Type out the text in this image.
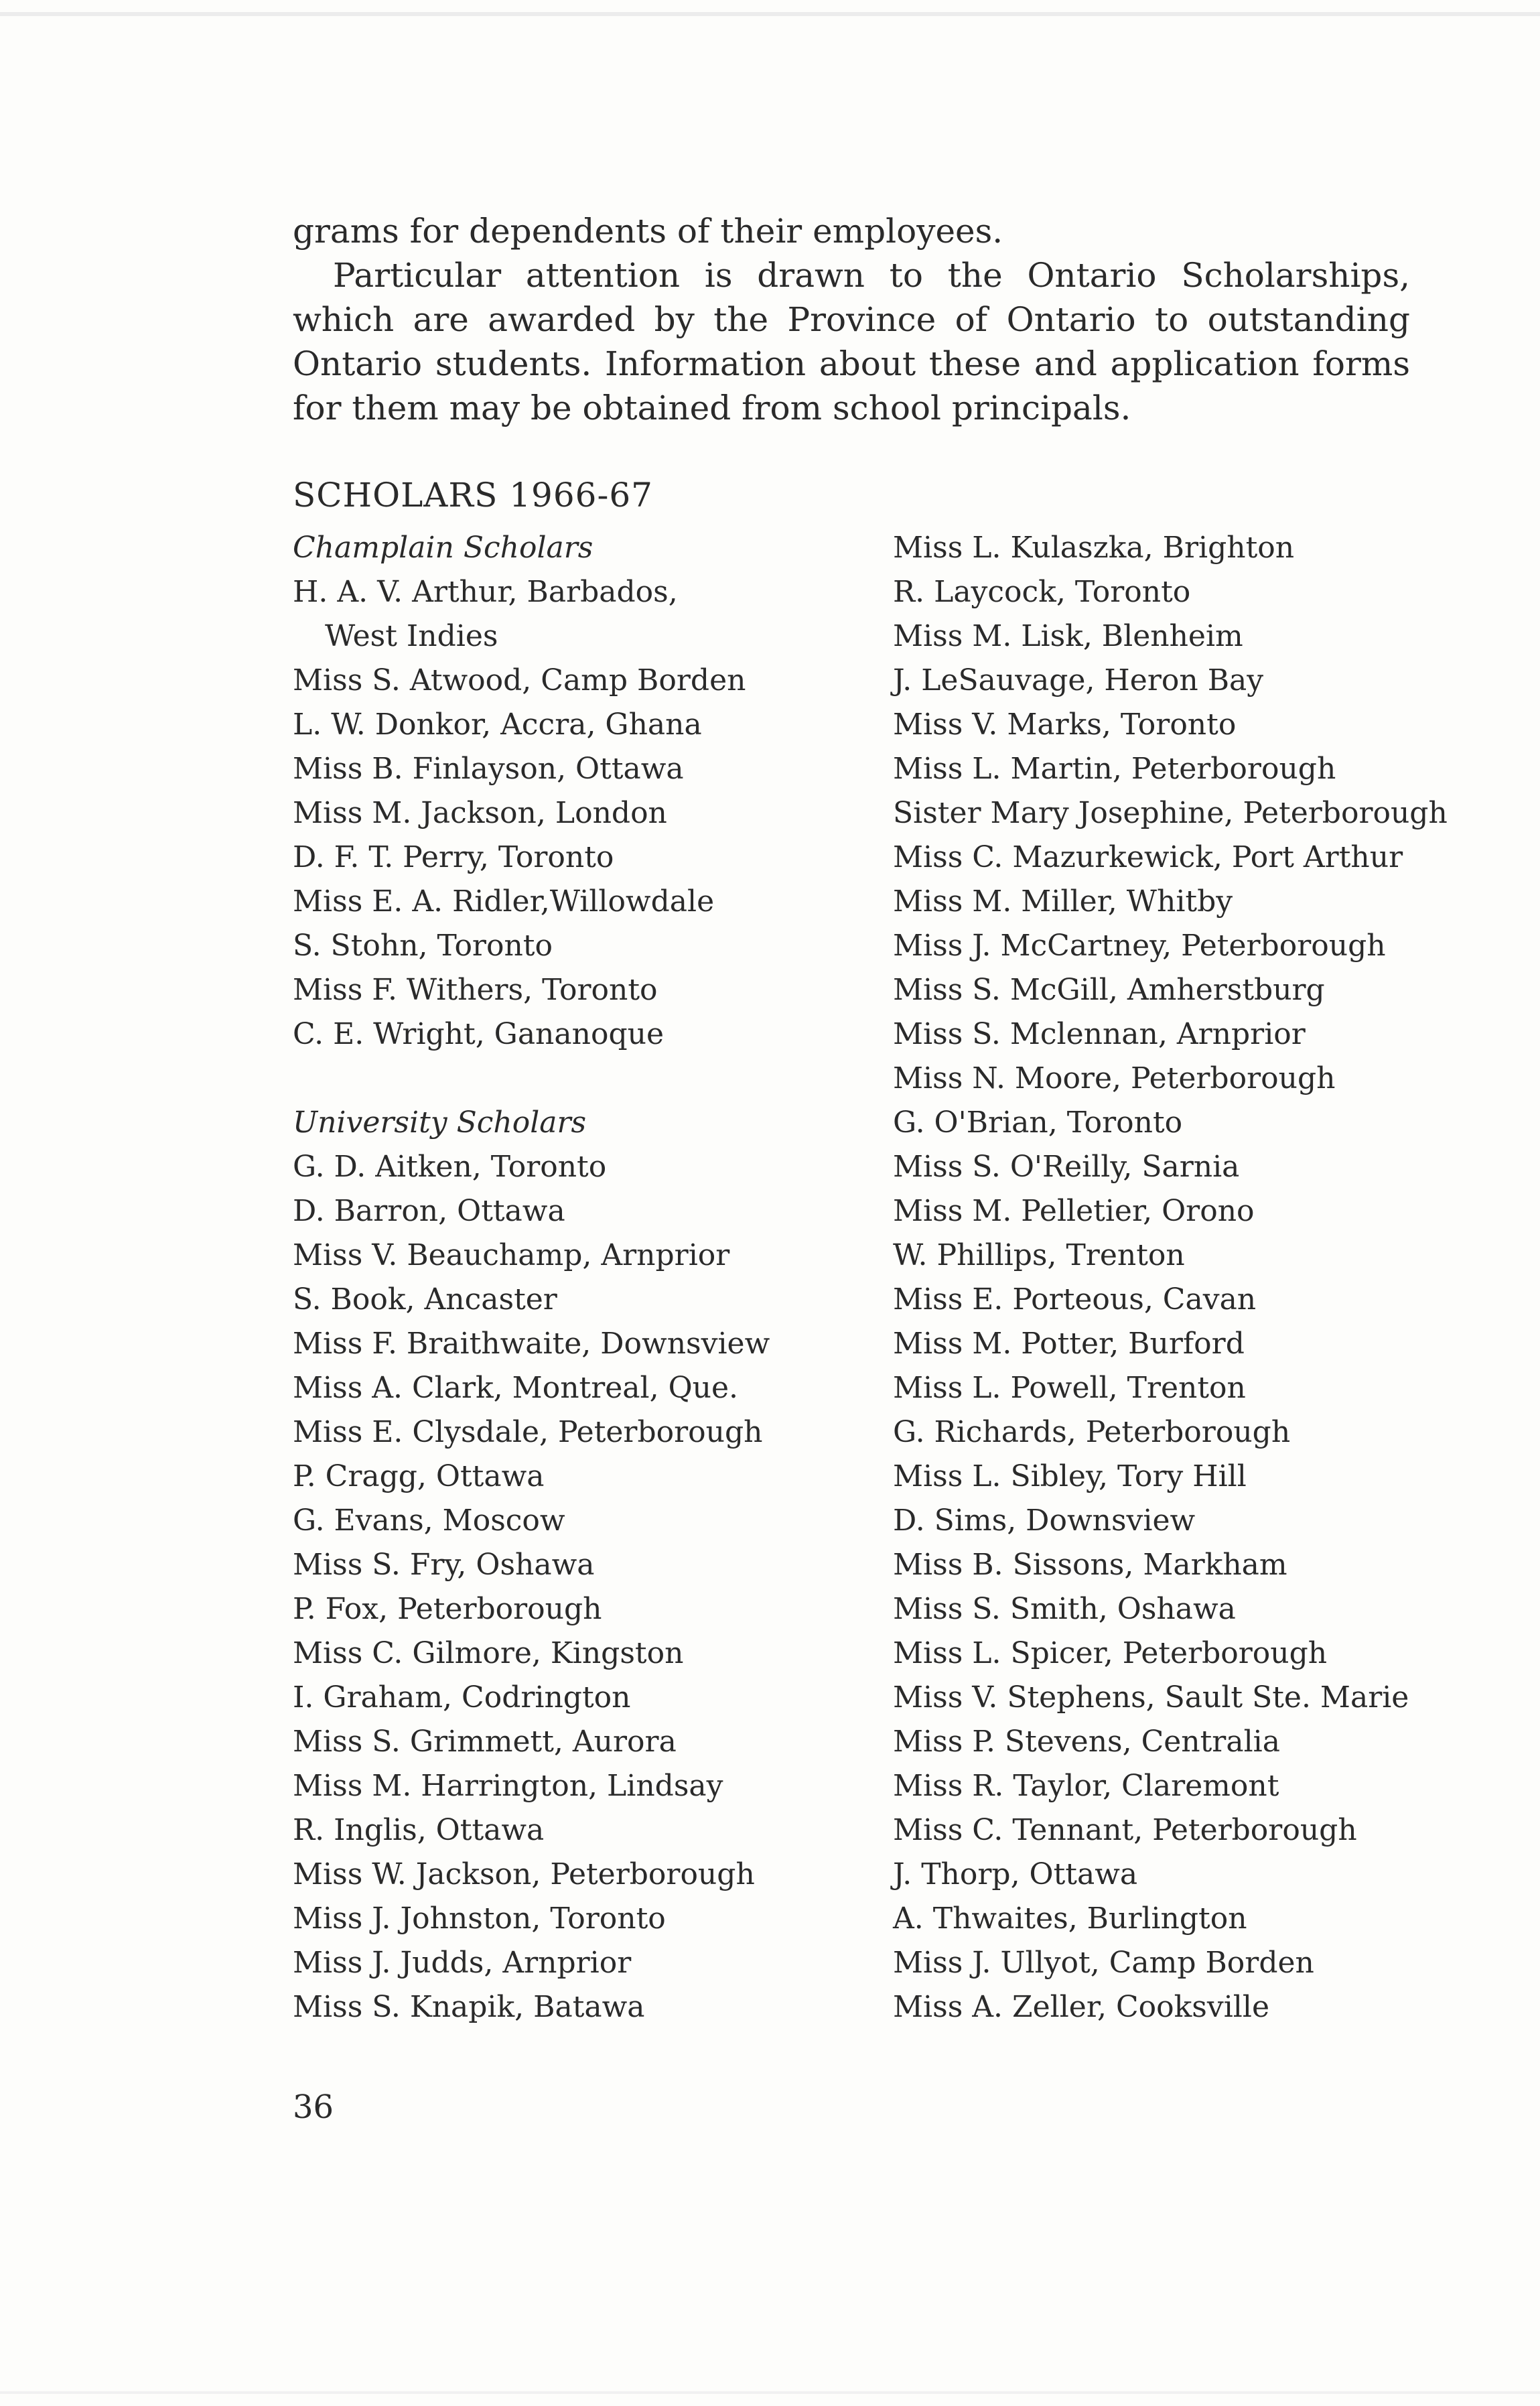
grams for dependents of their employees.

Particular attention is drawn to the Ontario Scholarships, which are awarded by the Province of Ontario to outstanding Ontario students. Information about these and application forms for them may be obtained from school principals.

SCHOLARS 1966-67
Champlain Scholars
H. A. V. Arthur, Barbados,
West Indies
Miss S. Atwood, Camp Borden
L. W. Donkor, Accra, Ghana
Miss B. Finlayson, Ottawa
Miss M. Jackson, London
D. F. T. Perry, Toronto
Miss E. A. Ridler,Willowdale
S. Stohn, Toronto
Miss F. Withers, Toronto
C. E. Wright, Gananoque
University Scholars
G. D. Aitken, Toronto
D. Barron, Ottawa
Miss V. Beauchamp, Arnprior
S. Book, Ancaster
Miss F. Braithwaite, Downsview
Miss A. Clark, Montreal, Que.
Miss E. Clysdale, Peterborough
P. Cragg, Ottawa
G. Evans, Moscow
Miss S. Fry, Oshawa
P. Fox, Peterborough
Miss C. Gilmore, Kingston
I. Graham, Codrington
Miss S. Grimmett, Aurora
Miss M. Harrington, Lindsay
R. Inglis, Ottawa
Miss W. Jackson, Peterborough
Miss J. Johnston, Toronto
Miss J. Judds, Arnprior
Miss S. Knapik, Batawa
Miss L. Kulaszka, Brighton
R. Laycock, Toronto
Miss M. Lisk, Blenheim
J. LeSauvage, Heron Bay
Miss V. Marks, Toronto
Miss L. Martin, Peterborough
Sister Mary Josephine, Peterborough
Miss C. Mazurkewick, Port Arthur
Miss M. Miller, Whitby
Miss J. McCartney, Peterborough
Miss S. McGill, Amherstburg
Miss S. Mclennan, Arnprior
Miss N. Moore, Peterborough
G. O'Brian, Toronto
Miss S. O'Reilly, Sarnia
Miss M. Pelletier, Orono
W. Phillips, Trenton
Miss E. Porteous, Cavan
Miss M. Potter, Burford
Miss L. Powell, Trenton
G. Richards, Peterborough
Miss L. Sibley, Tory Hill
D. Sims, Downsview
Miss B. Sissons, Markham
Miss S. Smith, Oshawa
Miss L. Spicer, Peterborough
Miss V. Stephens, Sault Ste. Marie
Miss P. Stevens, Centralia
Miss R. Taylor, Claremont
Miss C. Tennant, Peterborough
J. Thorp, Ottawa
A. Thwaites, Burlington
Miss J. Ullyot, Camp Borden
Miss A. Zeller, Cooksville
36
